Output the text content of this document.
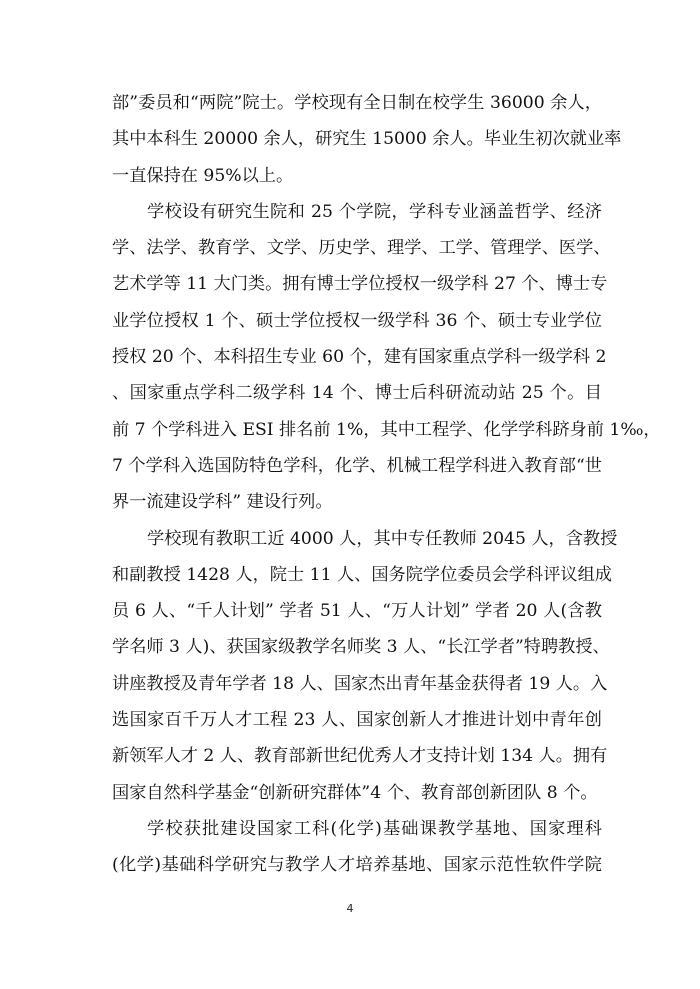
部”委员和“两院”院士。学校现有全日制在校学生 36000 余人，
其中本科生 20000 余人，研究生 15000 余人。毕业生初次就业率
一直保持在 95%以上。
学校设有研究生院和 25 个学院，学科专业涵盖哲学、经济
学、法学、教育学、文学、历史学、理学、工学、管理学、医学、
艺术学等 11 大门类。拥有博士学位授权一级学科 27 个、博士专
业学位授权 1 个、硕士学位授权一级学科 36 个、硕士专业学位
授权 20 个、本科招生专业 60 个，建有国家重点学科一级学科 2
、国家重点学科二级学科 14 个、博士后科研流动站 25 个。目
前 7 个学科进入 ESI 排名前 1%，其中工程学、化学学科跻身前 1‰，
7 个学科入选国防特色学科，化学、机械工程学科进入教育部“世
界一流建设学科” 建设行列。
学校现有教职工近 4000 人，其中专任教师 2045 人，含教授
和副教授 1428 人，院士 11 人、国务院学位委员会学科评议组成
员 6 人、“千人计划” 学者 51 人、“万人计划” 学者 20 人(含教
学名师 3 人)、获国家级教学名师奖 3 人、“长江学者”特聘教授、
讲座教授及青年学者 18 人、国家杰出青年基金获得者 19 人。入
选国家百千万人才工程 23 人、国家创新人才推进计划中青年创
新领军人才 2 人、教育部新世纪优秀人才支持计划 134 人。拥有
国家自然科学基金“创新研究群体”4 个、教育部创新团队 8 个。
学校获批建设国家工科(化学)基础课教学基地、国家理科
(化学)基础科学研究与教学人才培养基地、国家示范性软件学院
4
